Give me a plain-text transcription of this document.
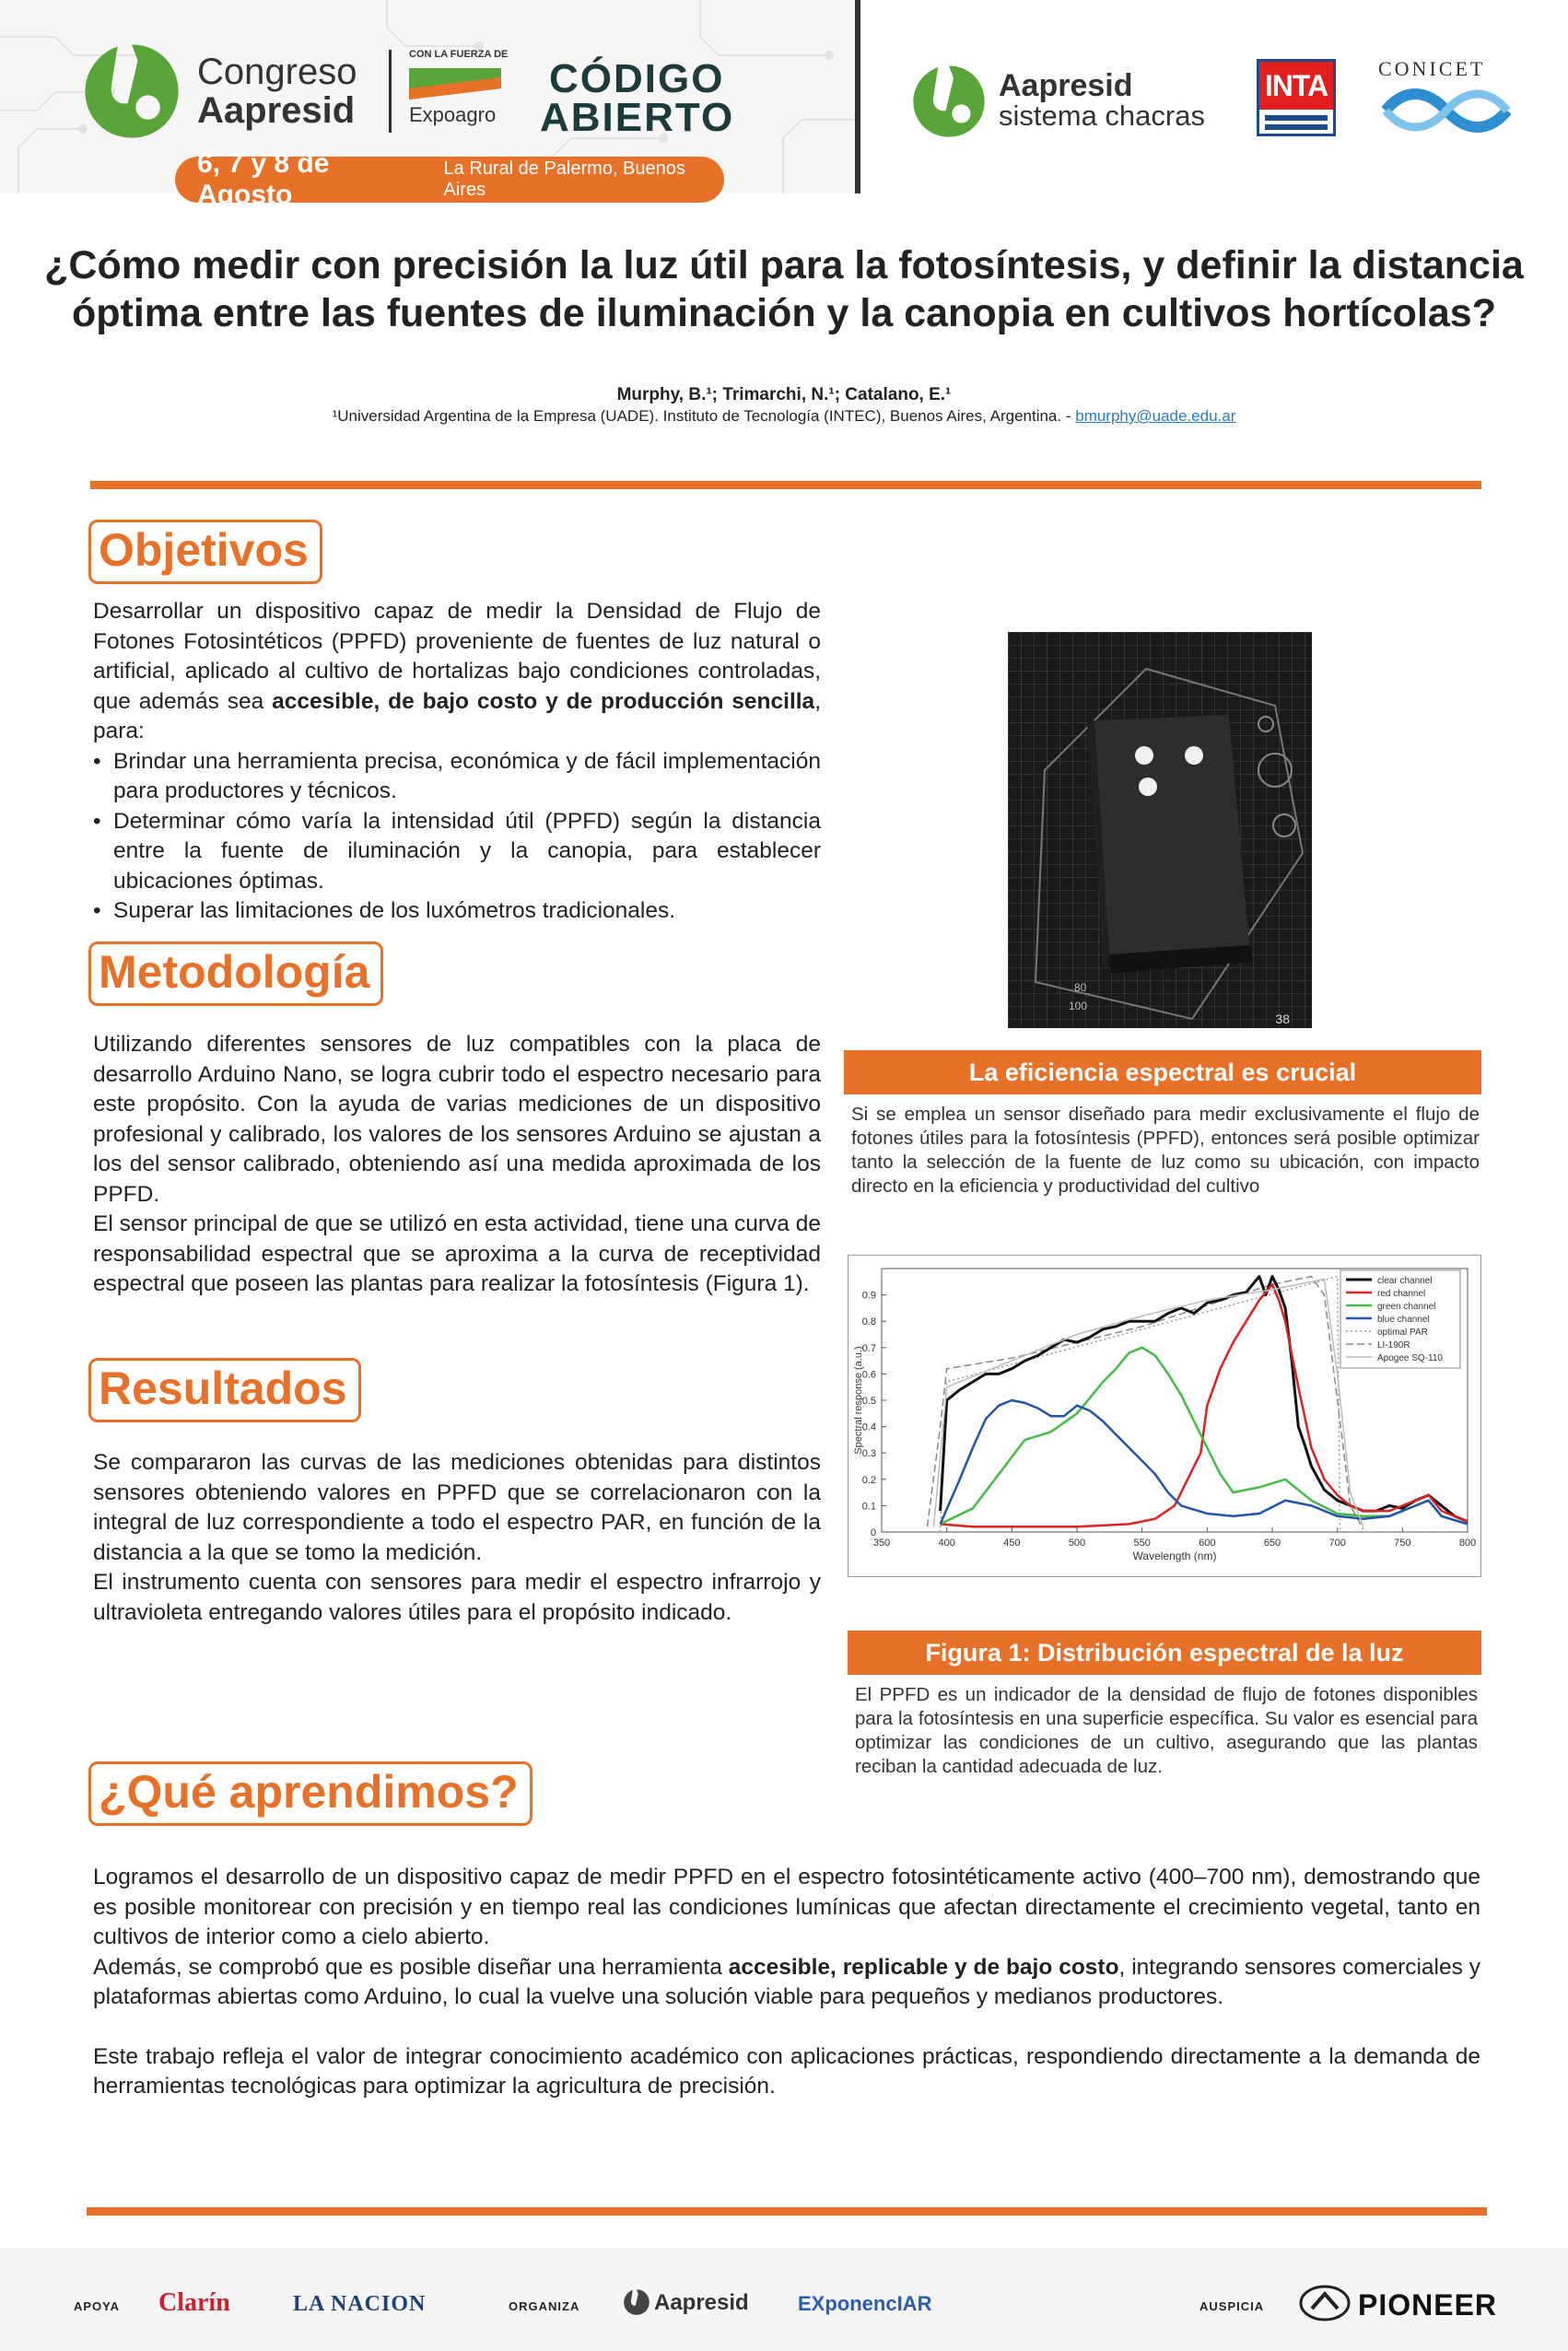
Congreso
Aapresid
CON LA FUERZA DE
Expoagro
CÓDIGO
ABIERTO
Aapresid
sistema chacras
INTA CONICET
6, 7 y 8 de Agosto
La Rural de Palermo, Buenos Aires
¿Cómo medir con precisión la luz útil para la fotosíntesis, y definir la distancia
óptima entre las fuentes de iluminación y la canopia en cultivos hortícolas?
Murphy, B.¹; Trimarchi, N.¹; Catalano, E.¹
¹Universidad Argentina de la Empresa (UADE). Instituto de Tecnología (INTEC), Buenos Aires, Argentina. - bmurphy@uade.edu.ar
Objetivos

Desarrollar un dispositivo capaz de medir la Densidad de Flujo de Fotones Fotosintéticos (PPFD) proveniente de fuentes de luz natural o artificial, aplicado al cultivo de hortalizas bajo condiciones controladas, que además sea accesible, de bajo costo y de producción sencilla, para:

• Brindar una herramienta precisa, económica y de fácil implementación para productores y técnicos.
• Determinar cómo varía la intensidad útil (PPFD) según la distancia entre la fuente de iluminación y la canopia, para establecer ubicaciones óptimas.
• Superar las limitaciones de los luxómetros tradicionales.
Metodología

Utilizando diferentes sensores de luz compatibles con la placa de desarrollo Arduino Nano, se logra cubrir todo el espectro necesario para este propósito. Con la ayuda de varias mediciones de un dispositivo profesional y calibrado, los valores de los sensores Arduino se ajustan a los del sensor calibrado, obteniendo así una medida aproximada de los PPFD.

El sensor principal de que se utilizó en esta actividad, tiene una curva de responsabilidad espectral que se aproxima a la curva de receptividad espectral que poseen las plantas para realizar la fotosíntesis (Figura 1).

Resultados

Se compararon las curvas de las mediciones obtenidas para distintos sensores obteniendo valores en PPFD que se correlacionaron con la integral de luz correspondiente a todo el espectro PAR, en función de la distancia a la que se tomo la medición.

El instrumento cuenta con sensores para medir el espectro infrarrojo y ultravioleta entregando valores útiles para el propósito indicado.

¿Qué aprendimos?

Logramos el desarrollo de un dispositivo capaz de medir PPFD en el espectro fotosintéticamente activo (400–700 nm), demostrando que es posible monitorear con precisión y en tiempo real las condiciones lumínicas que afectan directamente el crecimiento vegetal, tanto en cultivos de interior como a cielo abierto.

Además, se comprobó que es posible diseñar una herramienta accesible, replicable y de bajo costo, integrando sensores comerciales y plataformas abiertas como Arduino, lo cual la vuelve una solución viable para pequeños y medianos productores.

Este trabajo refleja el valor de integrar conocimiento académico con aplicaciones prácticas, respondiendo directamente a la demanda de herramientas tecnológicas para optimizar la agricultura de precisión.

80
100
38
La eficiencia espectral es crucial
Si se emplea un sensor diseñado para medir exclusivamente el flujo de fotones útiles para la fotosíntesis (PPFD), entonces será posible optimizar tanto la selección de la fuente de luz como su ubicación, con impacto directo en la eficiencia y productividad del cultivo
350	400	450	500	550	600	650	700	750	800
0
0.1
0.2
0.3
0.4
0.5
0.6
0.7
0.8
0.9
Wavelength (nm)
Spectral response (a.u.)
clear channel
red channel
green channel
blue channel
optimal PAR
LI-190R
Apogee SQ-110
Figura 1: Distribución espectral de la luz
El PPFD es un indicador de la densidad de flujo de fotones disponibles para la fotosíntesis en una superficie específica. Su valor es esencial para optimizar las condiciones de un cultivo, asegurando que las plantas reciban la cantidad adecuada de luz.
APOYA Clarín	LA NACION	ORGANIZA	Aapresid EXponencIAR	AUSPICIA	PIONEER
